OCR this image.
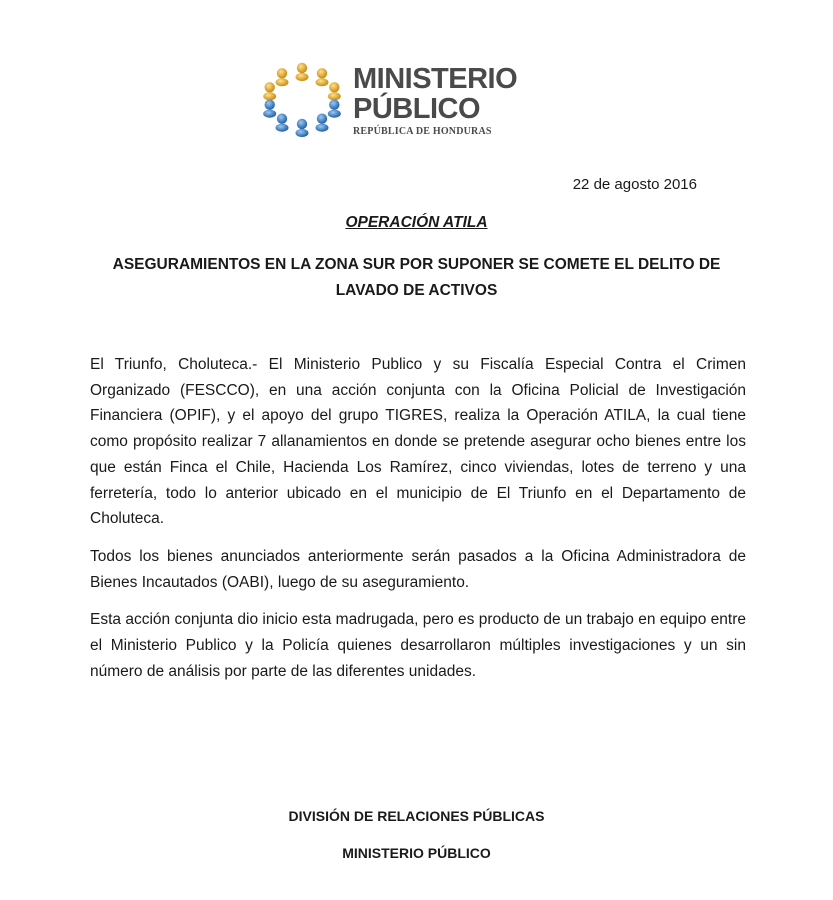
MINISTERIO
PÚBLICO
REPÚBLICA DE HONDURAS
22 de agosto 2016
OPERACIÓN ATILA
ASEGURAMIENTOS EN LA ZONA SUR POR SUPONER SE COMETE EL DELITO DE LAVADO DE ACTIVOS

El Triunfo, Choluteca.- El Ministerio Publico y su Fiscalía Especial Contra el Crimen Organizado (FESCCO), en una acción conjunta con la Oficina Policial de Investigación Financiera (OPIF), y el apoyo del grupo TIGRES, realiza la Operación ATILA, la cual tiene como propósito realizar 7 allanamientos en donde se pretende asegurar ocho bienes entre los que están Finca el Chile, Hacienda Los Ramírez, cinco viviendas, lotes de terreno y una ferretería, todo lo anterior ubicado en el municipio de El Triunfo en el Departamento de Choluteca.

Todos los bienes anunciados anteriormente serán pasados a la Oficina Administradora de Bienes Incautados (OABI), luego de su aseguramiento.

Esta acción conjunta dio inicio esta madrugada, pero es producto de un trabajo en equipo entre el Ministerio Publico y la Policía quienes desarrollaron múltiples investigaciones y un sin número de análisis por parte de las diferentes unidades.

DIVISIÓN DE RELACIONES PÚBLICAS
MINISTERIO PÚBLICO
